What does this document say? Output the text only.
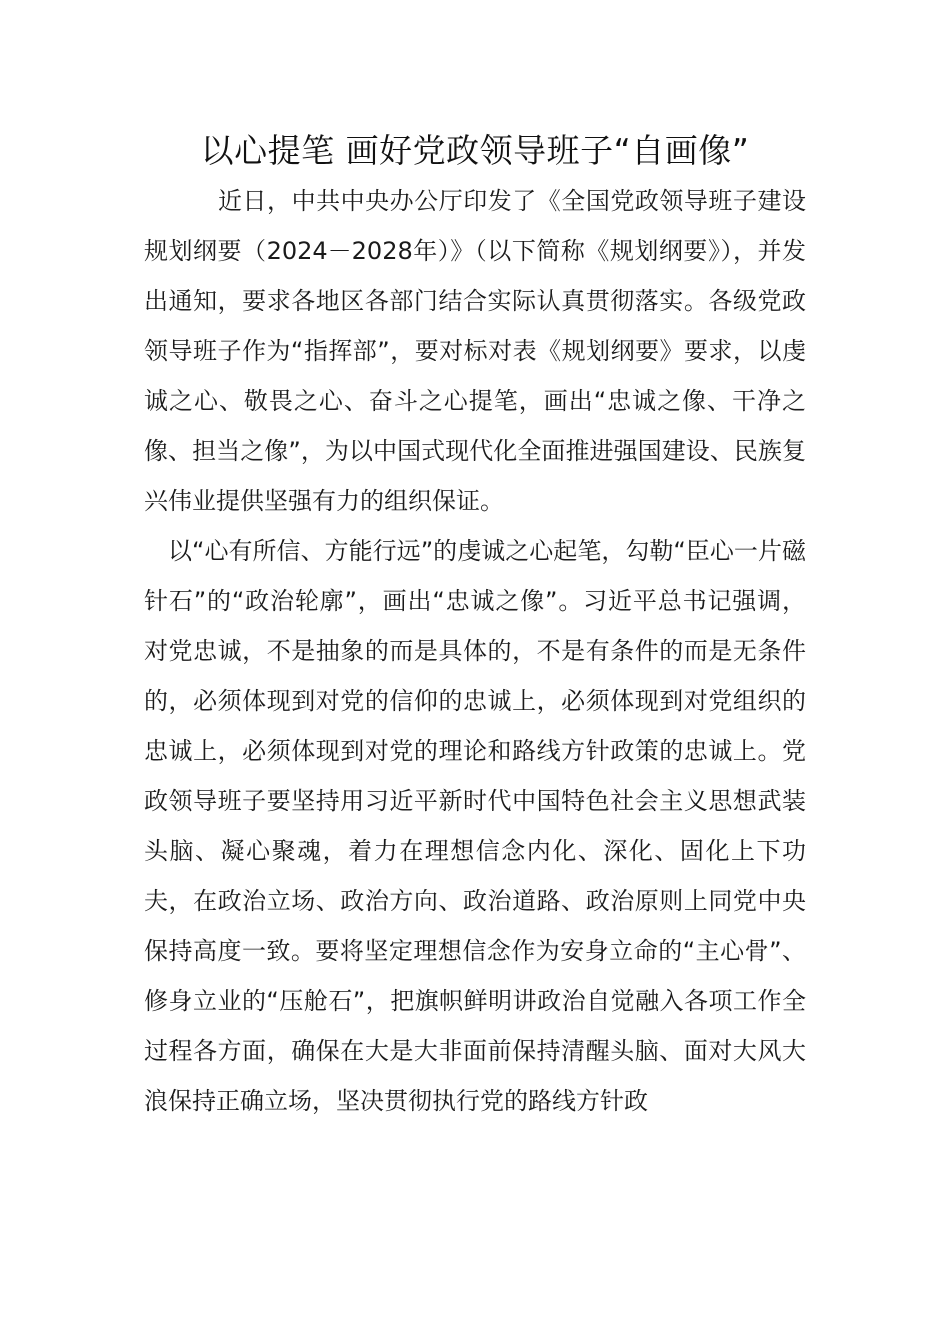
以心提笔 画好党政领导班子“自画像”

近日，中共中央办公厅印发了《全国党政领导班子建设规划纲要（2024－2028年）》（以下简称《规划纲要》），并发出通知，要求各地区各部门结合实际认真贯彻落实。各级党政领导班子作为“指挥部”，要对标对表《规划纲要》要求，以虔诚之心、敬畏之心、奋斗之心提笔，画出“忠诚之像、干净之像、担当之像”，为以中国式现代化全面推进强国建设、民族复兴伟业提供坚强有力的组织保证。

以“心有所信、方能行远”的虔诚之心起笔，勾勒“臣心一片磁针石”的“政治轮廓”，画出“忠诚之像”。习近平总书记强调，对党忠诚，不是抽象的而是具体的，不是有条件的而是无条件的，必须体现到对党的信仰的忠诚上，必须体现到对党组织的忠诚上，必须体现到对党的理论和路线方针政策的忠诚上。党政领导班子要坚持用习近平新时代中国特色社会主义思想武装头脑、凝心聚魂，着力在理想信念内化、深化、固化上下功夫，在政治立场、政治方向、政治道路、政治原则上同党中央保持高度一致。要将坚定理想信念作为安身立命的“主心骨”、修身立业的“压舱石”，把旗帜鲜明讲政治自觉融入各项工作全过程各方面，确保在大是大非面前保持清醒头脑、面对大风大浪保持正确立场，坚决贯彻执行党的路线方针政
